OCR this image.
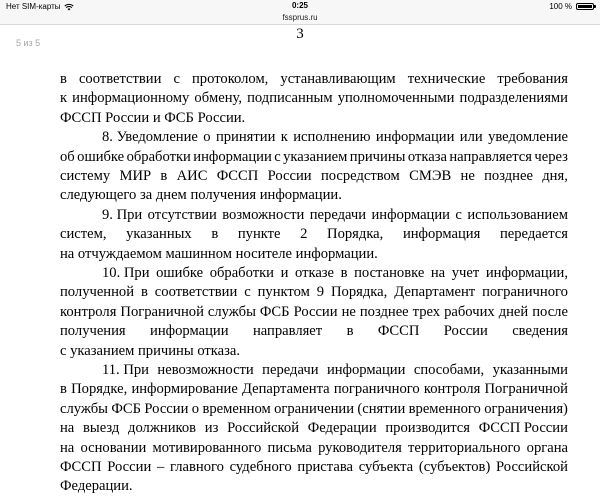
Нет SIM-карты	0:25	100 %
fssprus.ru
5 из 5
3
в соответствии с протоколом, устанавливающим технические требования
к информационному обмену, подписанным уполномоченными подразделениями
ФССП России и ФСБ России.
8. Уведомление о принятии к исполнению информации или уведомление
об ошибке обработки информации с указанием причины отказа направляется через
систему МИР в АИС ФССП России посредством СМЭВ не позднее дня,
следующего за днем получения информации.
9. При отсутствии возможности передачи информации с использованием
систем, указанных в пункте 2 Порядка, информация передается
на отчуждаемом машинном носителе информации.
10. При ошибке обработки и отказе в постановке на учет информации,
полученной в соответствии с пунктом 9 Порядка, Департамент пограничного
контроля Пограничной службы ФСБ России не позднее трех рабочих дней после
получения информации направляет в ФССП России сведения
с указанием причины отказа.
11. При невозможности передачи информации способами, указанными
в Порядке, информирование Департамента пограничного контроля Пограничной
службы ФСБ России о временном ограничении (снятии временного ограничения)
на выезд должников из Российской Федерации производится ФССП России
на основании мотивированного письма руководителя территориального органа
ФССП России – главного судебного пристава субъекта (субъектов) Российской
Федерации.
